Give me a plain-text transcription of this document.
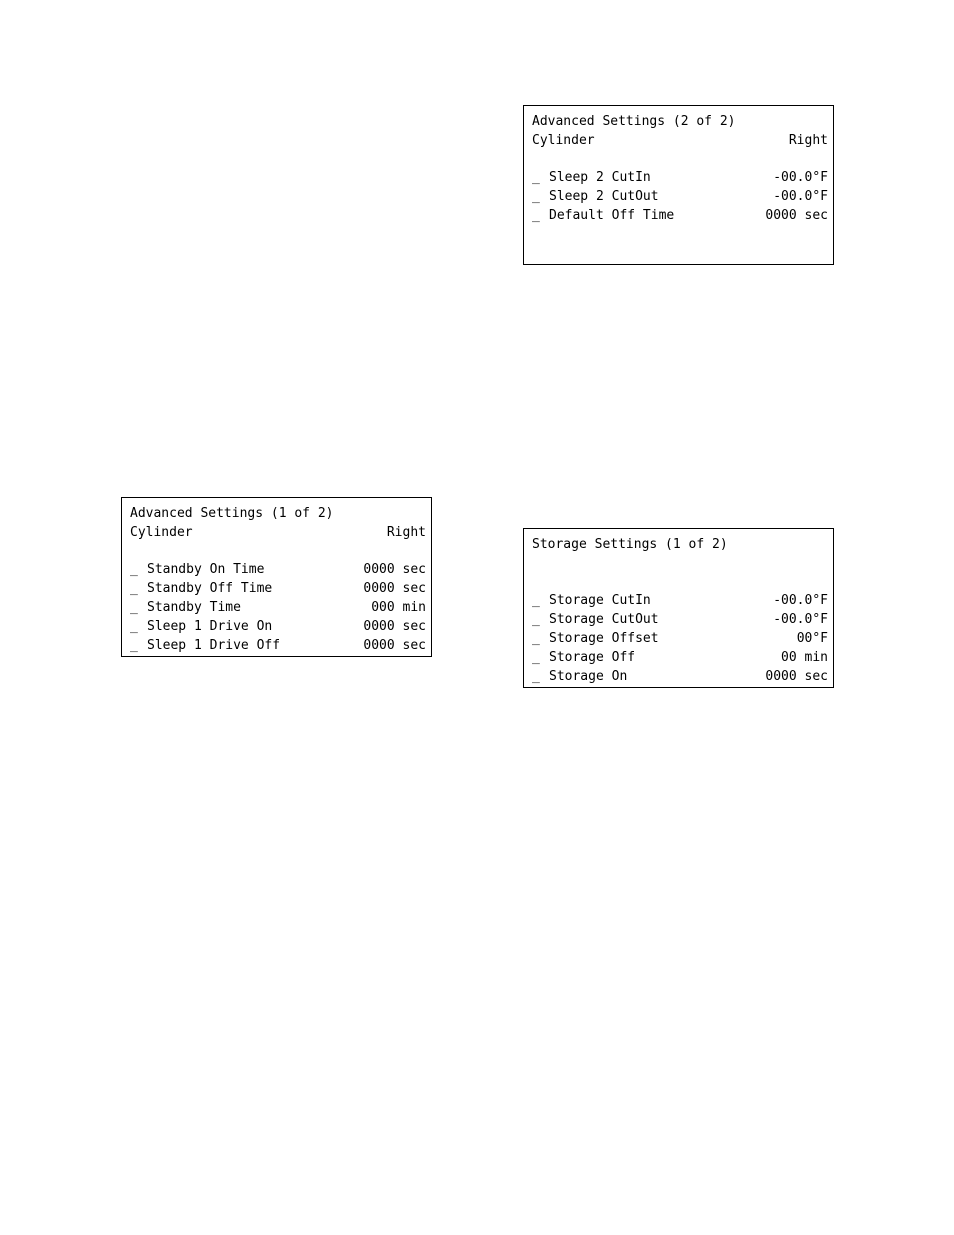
Advanced Settings (2 of 2)
Cylinder	Right
_ Sleep 2 CutIn	-00.0°F
_ Sleep 2 CutOut	-00.0°F
_ Default Off Time	0000 sec
Advanced Settings (1 of 2)
Cylinder	Right
_ Standby On Time	0000 sec
_ Standby Off Time	0000 sec
_ Standby Time	000 min
_ Sleep 1 Drive On	0000 sec
_ Sleep 1 Drive Off	0000 sec
Storage Settings (1 of 2)
_ Storage CutIn	-00.0°F
_ Storage CutOut	-00.0°F
_ Storage Offset	00°F
_ Storage Off	00 min
_ Storage On	0000 sec
